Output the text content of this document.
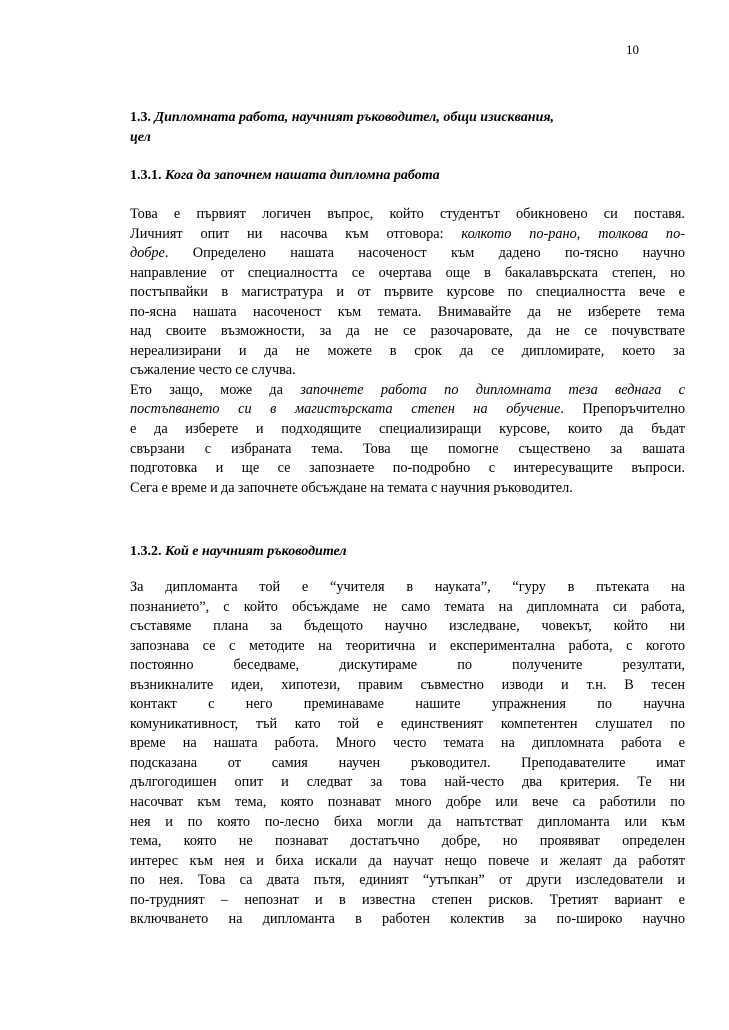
10
1.3. Дипломната работа, научният ръководител, общи изисквания,
цел
1.3.1. Кога да започнем нашата дипломна работа
Това е първият логичен въпрос, който студентът обикновено си поставя.
Личният опит ни насочва към отговора: колкото по-рано, толкова по-
добре. Определено нашата насоченост към дадено по-тясно научно
направление от специалността се очертава още в бакалавърската степен, но
постъпвайки в магистратура и от първите курсове по специалността вече е
по-ясна нашата насоченост към темата. Внимавайте да не изберете тема
над своите възможности, за да не се разочаровате, да не се почувствате
нереализирани и да не можете в срок да се дипломирате, което за
съжаление често се случва.
Ето защо, може да започнете работа по дипломната теза веднага с
постъпването си в магистърската степен на обучение. Препоръчително
е да изберете и подходящите специализиращи курсове, които да бъдат
свързани с избраната тема. Това ще помогне съществено за вашата
подготовка и ще се запознаете по-подробно с интересуващите въпроси.
Сега е време и да започнете обсъждане на темата с научния ръководител.
1.3.2. Кой е научният ръководител
За дипломанта той е “учителя в науката”, “гуру в пътеката на
познанието”, с който обсъждаме не само темата на дипломната си работа,
съставяме плана за бъдещото научно изследване, човекът, който ни
запознава се с методите на теоритична и експериментална работа, с когото
постоянно беседваме, дискутираме по получените резултати,
възникналите идеи, хипотези, правим съвместно изводи и т.н. В тесен
контакт с него преминаваме нашите упражнения по научна
комуникативност, тъй като той е единственият компетентен слушател по
време на нашата работа. Много често темата на дипломната работа е
подсказана от самия научен ръководител. Преподавателите имат
дългогодишен опит и следват за това най-често два критерия. Те ни
насочват към тема, която познават много добре или вече са работили по
нея и по която по-лесно биха могли да напътстват дипломанта или към
тема, която не познават достатъчно добре, но проявяват определен
интерес към нея и биха искали да научат нещо повече и желаят да работят
по нея. Това са двата пътя, единият “утъпкан” от други изследователи и
по-трудният – непознат и в известна степен рисков. Третият вариант е
включването на дипломанта в работен колектив за по-широко научно
